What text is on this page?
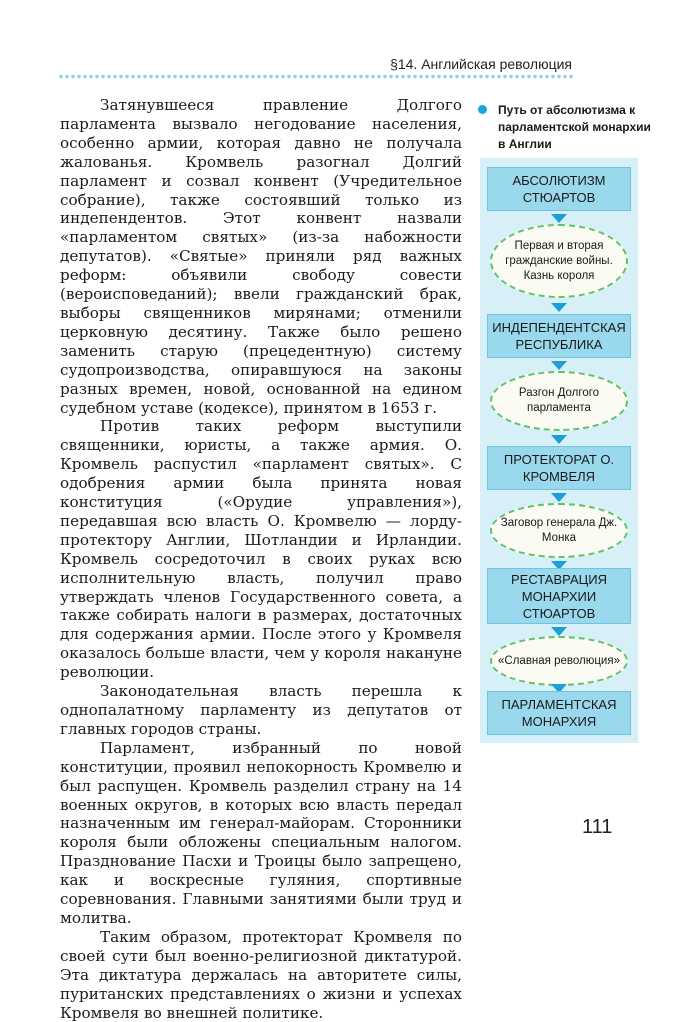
§14. Английская революция

Затянувшееся правление Долгого парламента вызвало негодование населения, особенно армии, которая давно не получала жалованья. Кромвель разогнал Долгий парламент и созвал конвент (Учредительное собрание), также состоявший только из индепендентов. Этот конвент назвали «парламентом святых» (из-за набожности депутатов). «Святые» приняли ряд важных реформ: объявили свободу совести (вероисповеданий); ввели гражданский брак, выборы священников мирянами; отменили церковную десятину. Также было решено заменить старую (прецедентную) систему судопроизводства, опиравшуюся на законы разных времен, новой, основанной на едином судебном уставе (кодексе), принятом в 1653 г.

Против таких реформ выступили священники, юристы, а также армия. О. Кромвель распустил «парламент святых». С одобрения армии была принята новая конституция («Орудие управления»), передавшая всю власть О. Кромвелю — лорду-протектору Англии, Шотландии и Ирландии. Кромвель сосредоточил в своих руках всю исполнительную власть, получил право утверждать членов Государственного совета, а также собирать налоги в размерах, достаточных для содержания армии. После этого у Кромвеля оказалось больше власти, чем у короля накануне революции.

Законодательная власть перешла к однопалатному парламенту из депутатов от главных городов страны.

Парламент, избранный по новой конституции, проявил непокорность Кромвелю и был распущен. Кромвель разделил страну на 14 военных округов, в которых всю власть передал назначенным им генерал-майорам. Сторонники короля были обложены специальным налогом. Празднование Пасхи и Троицы было запрещено, как и воскресные гуляния, спортивные соревнования. Главными занятиями были труд и молитва.

Таким образом, протекторат Кромвеля по своей сути был военно-религиозной диктатурой. Эта диктатура держалась на авторитете силы, пуританских представлениях о жизни и успехах Кромвеля во внешней политике.

Путь от абсолютизма к парламентской монархии в Англии
АБСОЛЮТИЗМ СТЮАРТОВ
Первая и вторая гражданские войны. Казнь короля
ИНДЕПЕНДЕНТСКАЯ РЕСПУБЛИКА
Разгон Долгого парламента
ПРОТЕКТОРАТ О. КРОМВЕЛЯ
Заговор генерала Дж. Монка
РЕСТАВРАЦИЯ МОНАРХИИ СТЮАРТОВ
«Славная революция»
ПАРЛАМЕНТСКАЯ МОНАРХИЯ
111
